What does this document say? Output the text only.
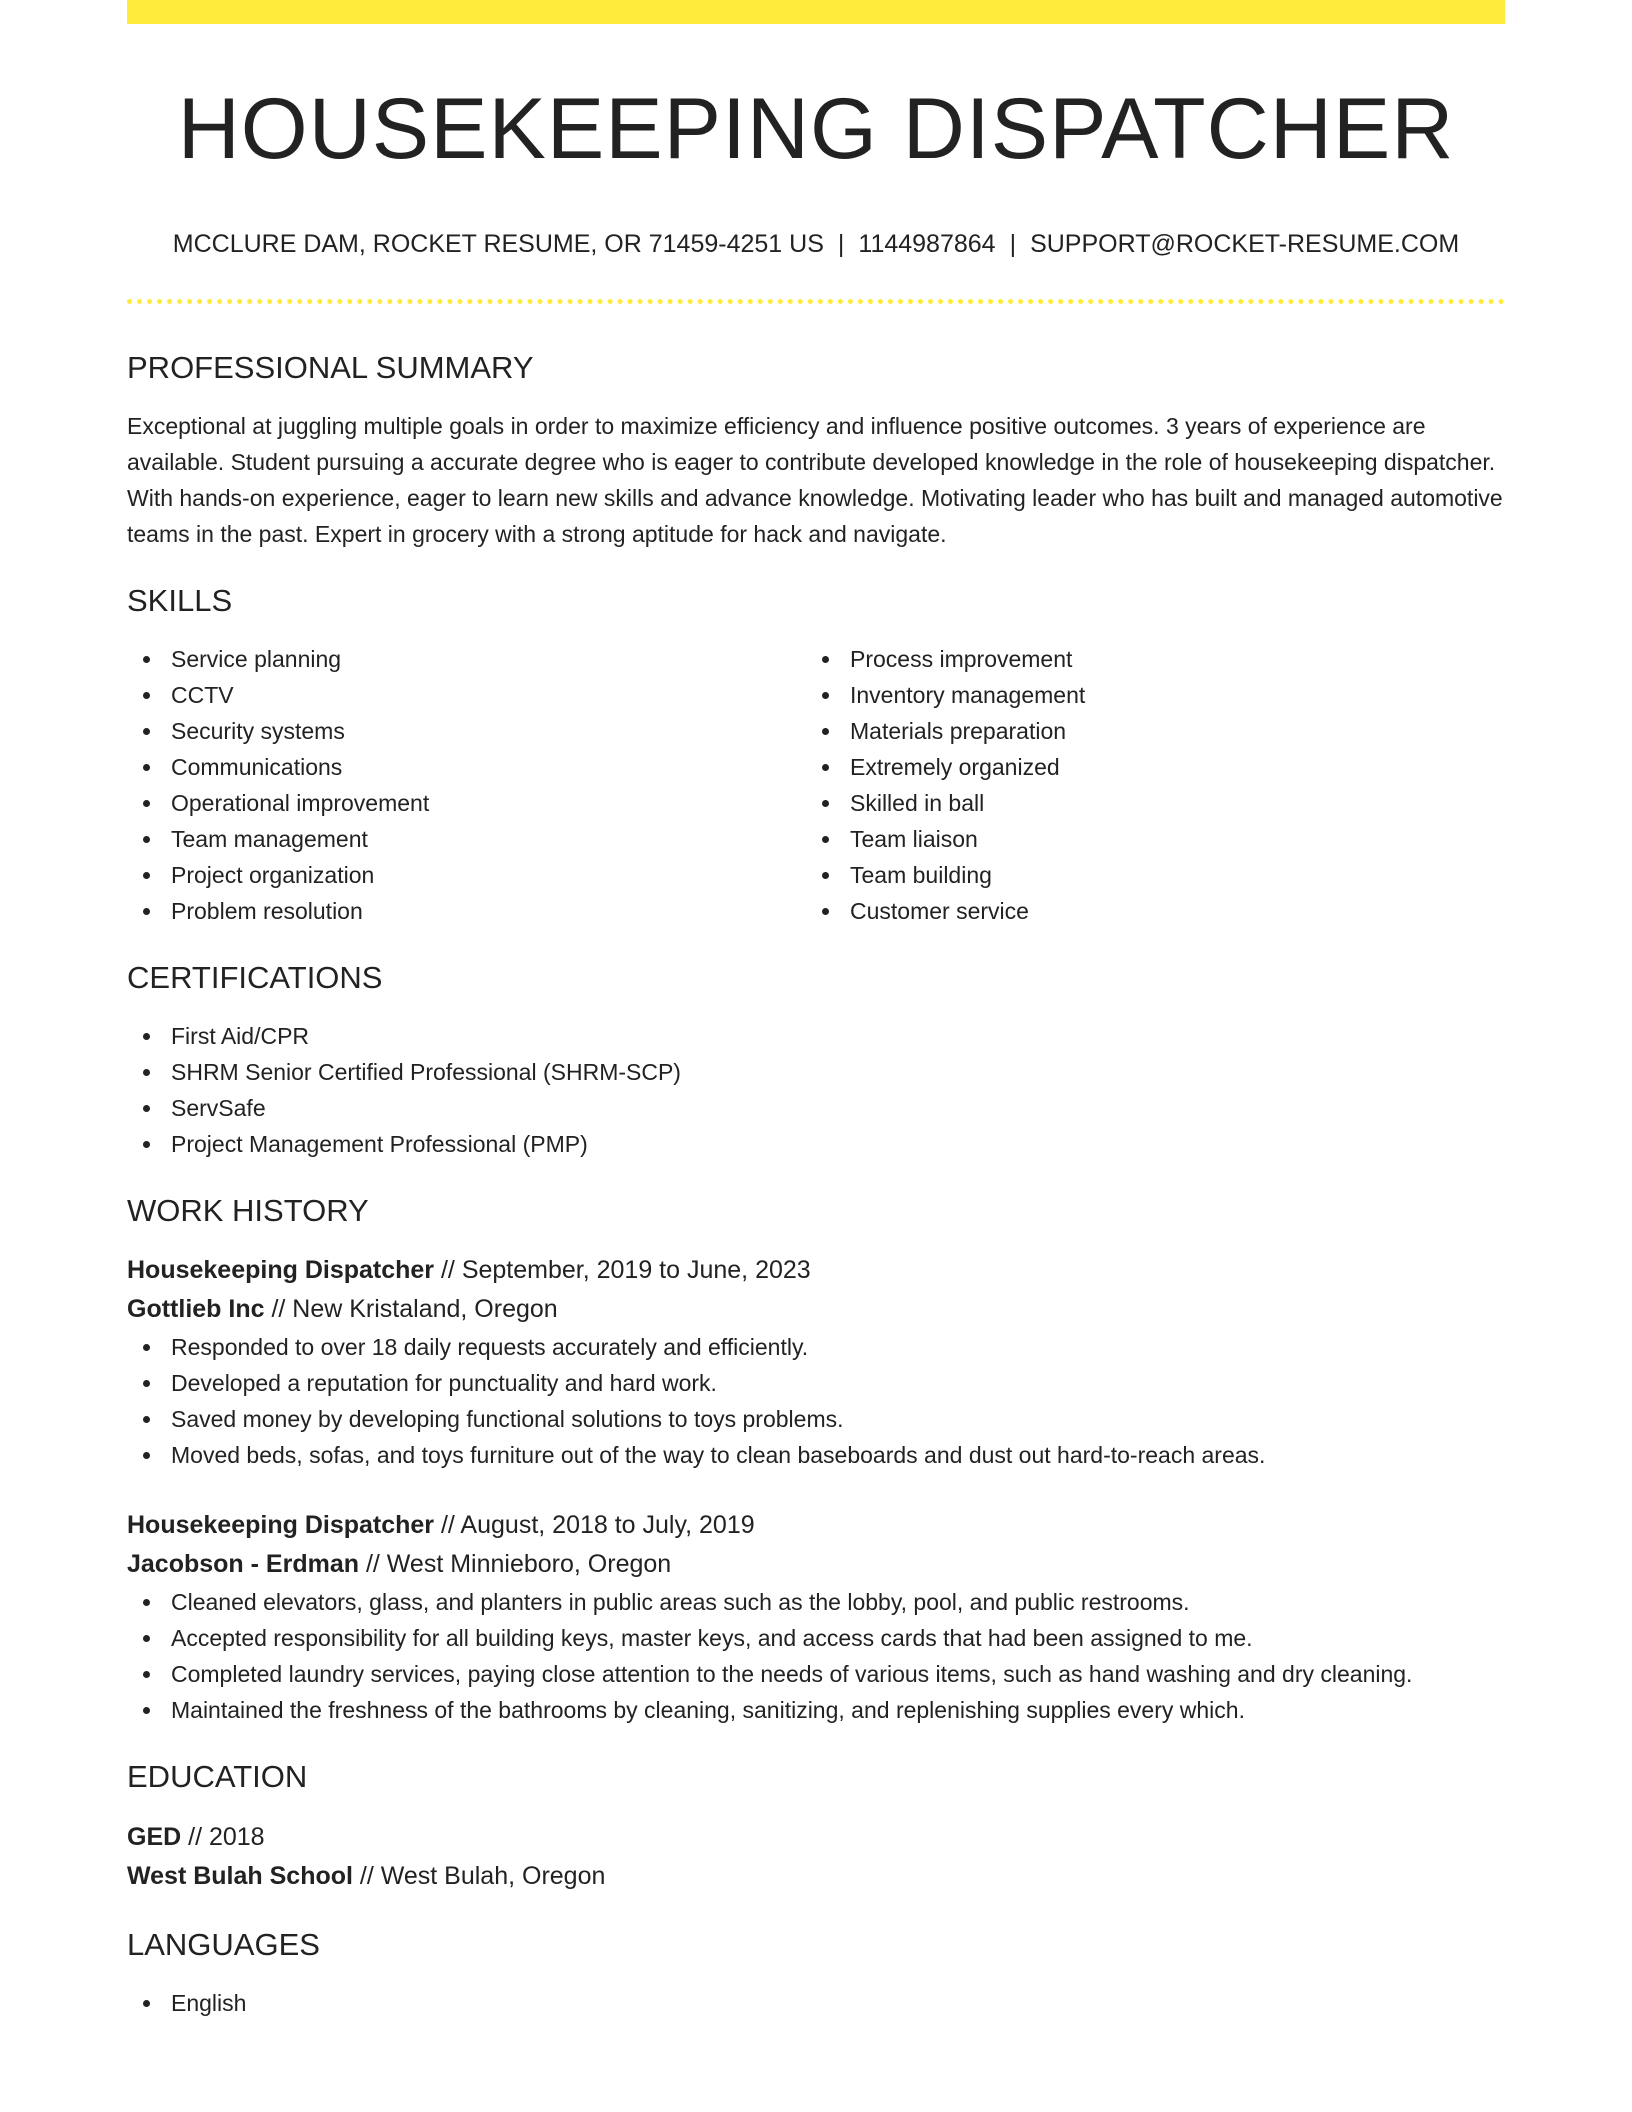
HOUSEKEEPING DISPATCHER
MCCLURE DAM, ROCKET RESUME, OR 71459-4251 US | 1144987864 | SUPPORT@ROCKET-RESUME.COM
PROFESSIONAL SUMMARY
Exceptional at juggling multiple goals in order to maximize efficiency and influence positive outcomes. 3 years of experience are available. Student pursuing a accurate degree who is eager to contribute developed knowledge in the role of housekeeping dispatcher. With hands-on experience, eager to learn new skills and advance knowledge. Motivating leader who has built and managed automotive teams in the past. Expert in grocery with a strong aptitude for hack and navigate.
SKILLS
Service planning
CCTV
Security systems
Communications
Operational improvement
Team management
Project organization
Problem resolution
Process improvement
Inventory management
Materials preparation
Extremely organized
Skilled in ball
Team liaison
Team building
Customer service
CERTIFICATIONS
First Aid/CPR
SHRM Senior Certified Professional (SHRM-SCP)
ServSafe
Project Management Professional (PMP)
WORK HISTORY
Housekeeping Dispatcher // September, 2019 to June, 2023
Gottlieb Inc // New Kristaland, Oregon
Responded to over 18 daily requests accurately and efficiently.
Developed a reputation for punctuality and hard work.
Saved money by developing functional solutions to toys problems.
Moved beds, sofas, and toys furniture out of the way to clean baseboards and dust out hard-to-reach areas.
Housekeeping Dispatcher // August, 2018 to July, 2019
Jacobson - Erdman // West Minnieboro, Oregon
Cleaned elevators, glass, and planters in public areas such as the lobby, pool, and public restrooms.
Accepted responsibility for all building keys, master keys, and access cards that had been assigned to me.
Completed laundry services, paying close attention to the needs of various items, such as hand washing and dry cleaning.
Maintained the freshness of the bathrooms by cleaning, sanitizing, and replenishing supplies every which.
EDUCATION
GED // 2018
West Bulah School // West Bulah, Oregon
LANGUAGES
English
